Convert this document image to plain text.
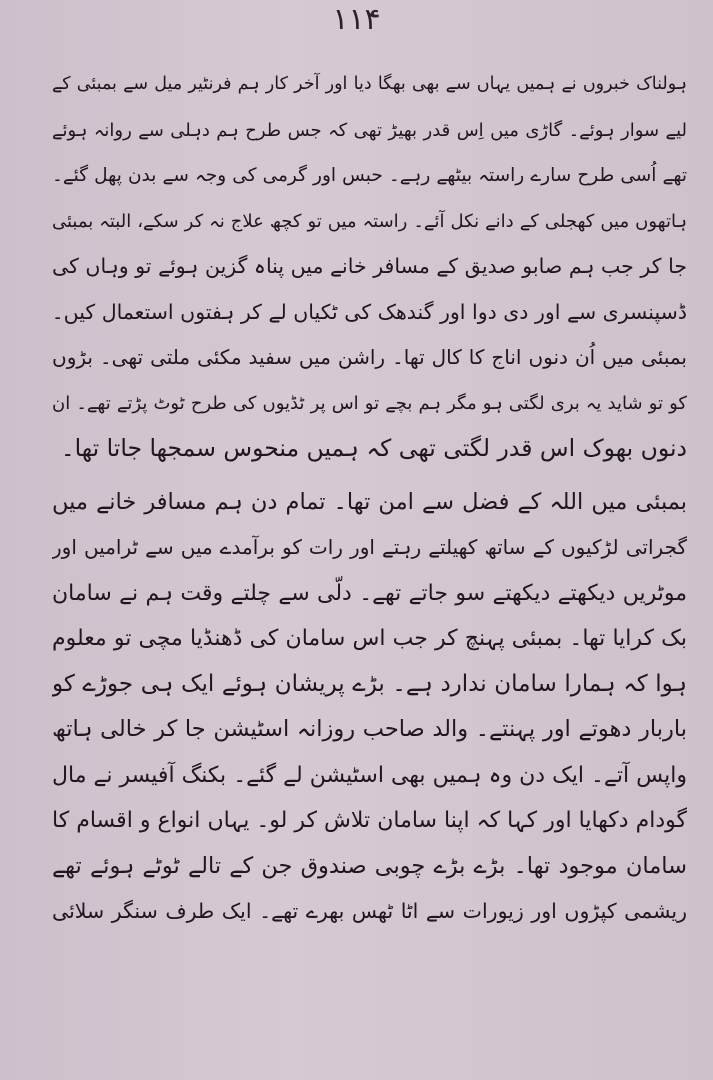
۱۱۴
ہولناک خبروں نے ہمیں یہاں سے بھی بھگا دیا اور آخر کار ہم فرنٹیر میل سے بمبئی کے
لیے سوار ہوئے۔ گاڑی میں اِس قدر بھیڑ تھی کہ جس طرح ہم دہلی سے روانہ ہوئے
تھے اُسی طرح سارے راستہ بیٹھے رہے۔ حبس اور گرمی کی وجہ سے بدن پھل گئے۔
ہاتھوں میں کھجلی کے دانے نکل آئے۔ راستہ میں تو کچھ علاج نہ کر سکے، البتہ بمبئی
جا کر جب ہم صابو صدیق کے مسافر خانے میں پناہ گزین ہوئے تو وہاں کی
ڈسپنسری سے اور دی دوا اور گندھک کی ٹکیاں لے کر ہفتوں استعمال کیں۔
بمبئی میں اُن دنوں اناج کا کال تھا۔ راشن میں سفید مکئی ملتی تھی۔ بڑوں
کو تو شاید یہ بری لگتی ہو مگر ہم بچے تو اس پر ٹڈیوں کی طرح ٹوٹ پڑتے تھے۔ ان
دنوں بھوک اس قدر لگتی تھی کہ ہمیں منحوس سمجھا جاتا تھا۔
بمبئی میں اللہ کے فضل سے امن تھا۔ تمام دن ہم مسافر خانے میں
گجراتی لڑکیوں کے ساتھ کھیلتے رہتے اور رات کو برآمدے میں سے ٹرامیں اور
موٹریں دیکھتے دیکھتے سو جاتے تھے۔ دلّی سے چلتے وقت ہم نے سامان
بک کرایا تھا۔ بمبئی پہنچ کر جب اس سامان کی ڈھنڈیا مچی تو معلوم
ہوا کہ ہمارا سامان ندارد ہے۔ بڑے پریشان ہوئے ایک ہی جوڑے کو
باربار دھوتے اور پہنتے۔ والد صاحب روزانہ اسٹیشن جا کر خالی ہاتھ
واپس آتے۔ ایک دن وہ ہمیں بھی اسٹیشن لے گئے۔ بکنگ آفیسر نے مال
گودام دکھایا اور کہا کہ اپنا سامان تلاش کر لو۔ یہاں انواع و اقسام کا
سامان موجود تھا۔ بڑے بڑے چوبی صندوق جن کے تالے ٹوٹے ہوئے تھے
ریشمی کپڑوں اور زیورات سے اٹا ٹھس بھرے تھے۔ ایک طرف سنگر سلائی
